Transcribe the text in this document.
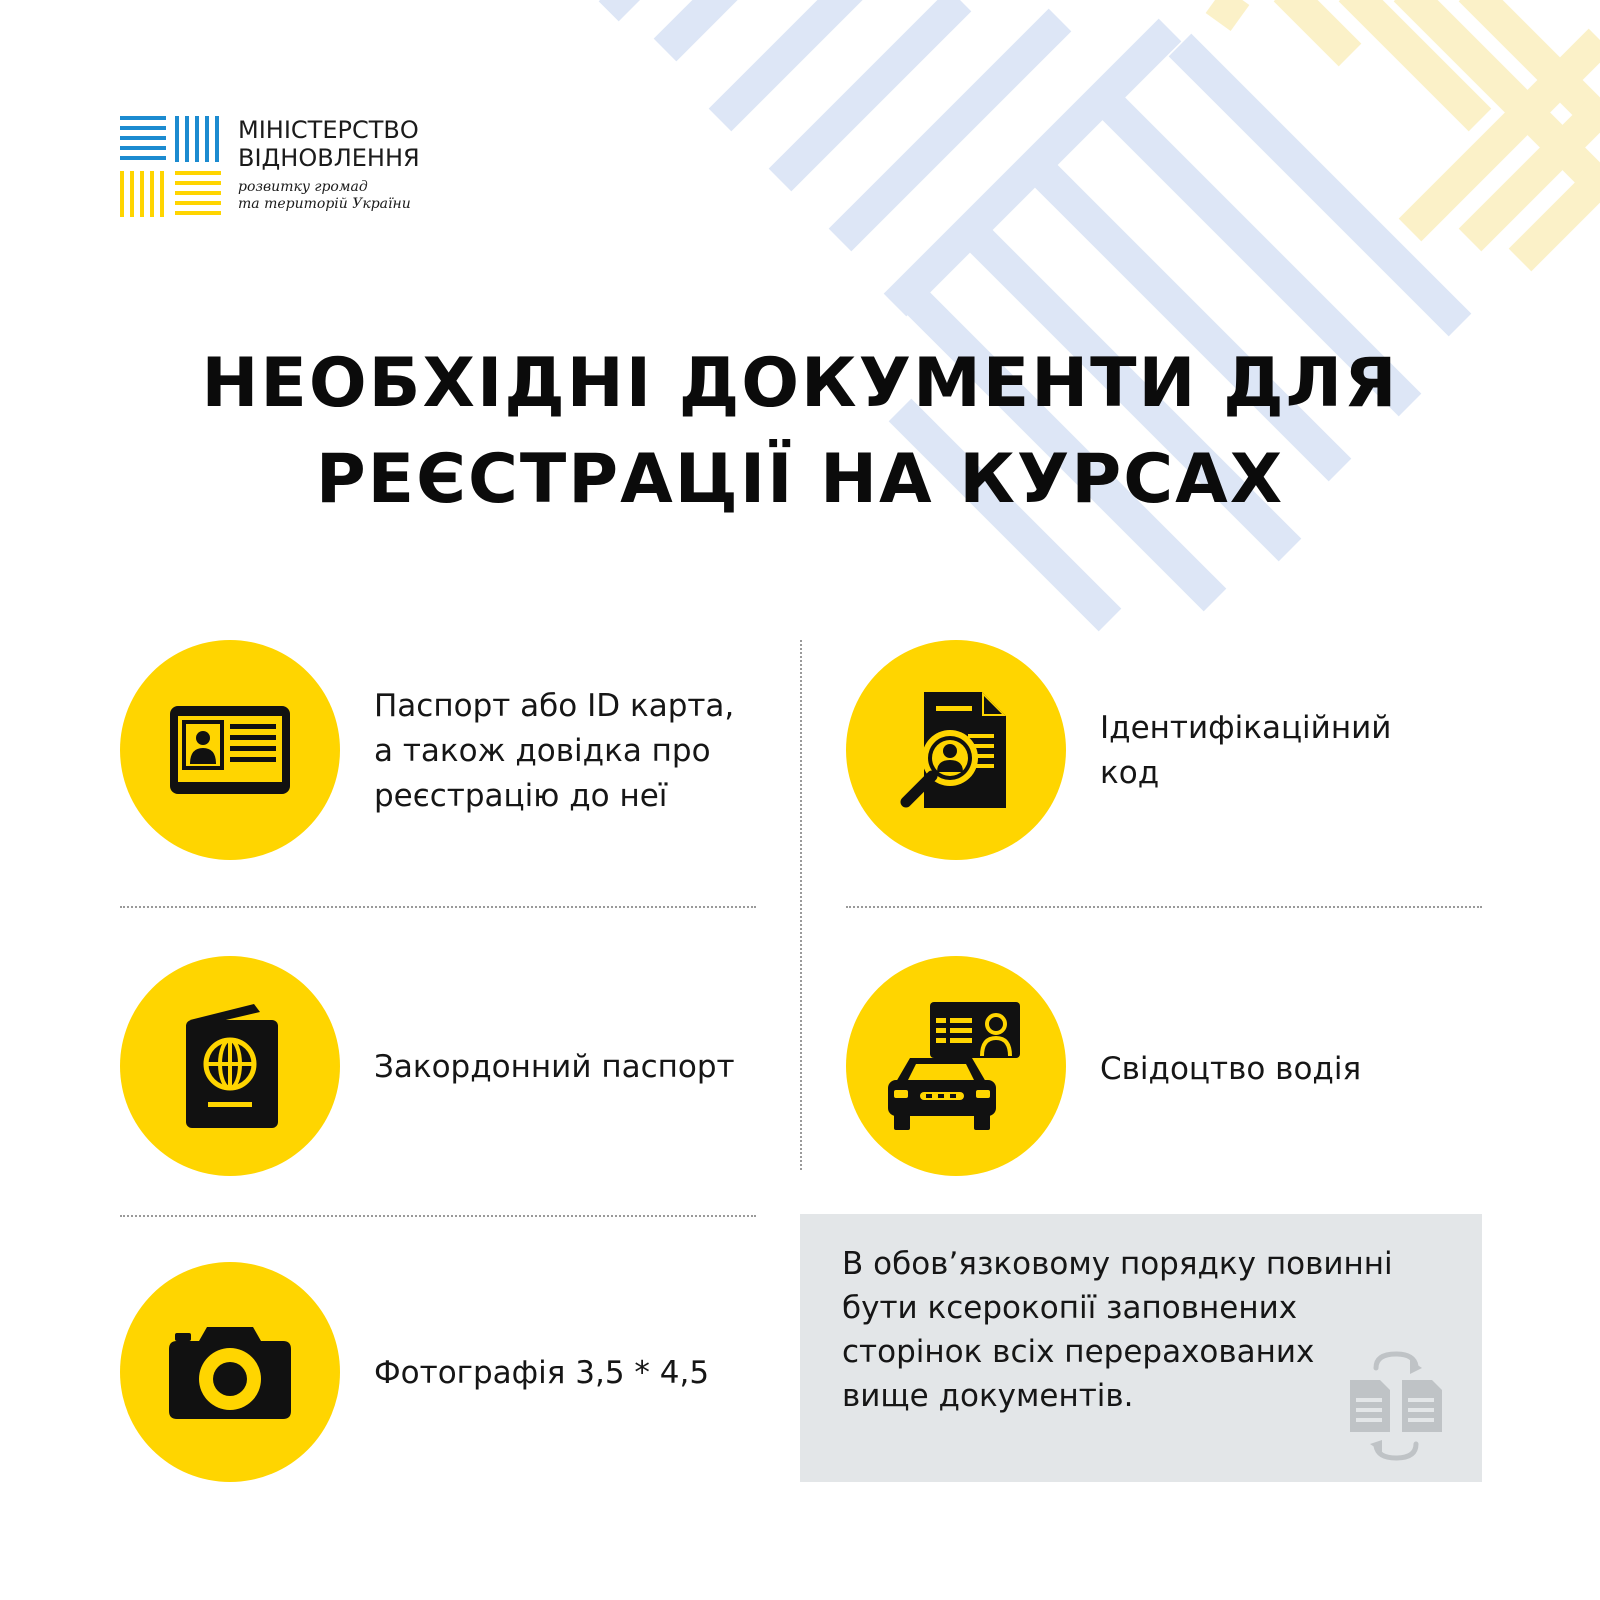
МІНІСТЕРСТВО
ВІДНОВЛЕННЯ
розвитку громад
та територій України
НЕОБХІДНІ ДОКУМЕНТИ ДЛЯ
РЕЄСТРАЦІЇ НА КУРСАХ

Паспорт або ID карта,
а також довідка про
реєстрацію до неї

Ідентифікаційний
код

Закордонний паспорт	Свідоцтво водія

Фотографія 3,5 * 4,5

В обов’язковому порядку повинні
бути ксерокопії заповнених
сторінок всіх перерахованих
вище документів.
